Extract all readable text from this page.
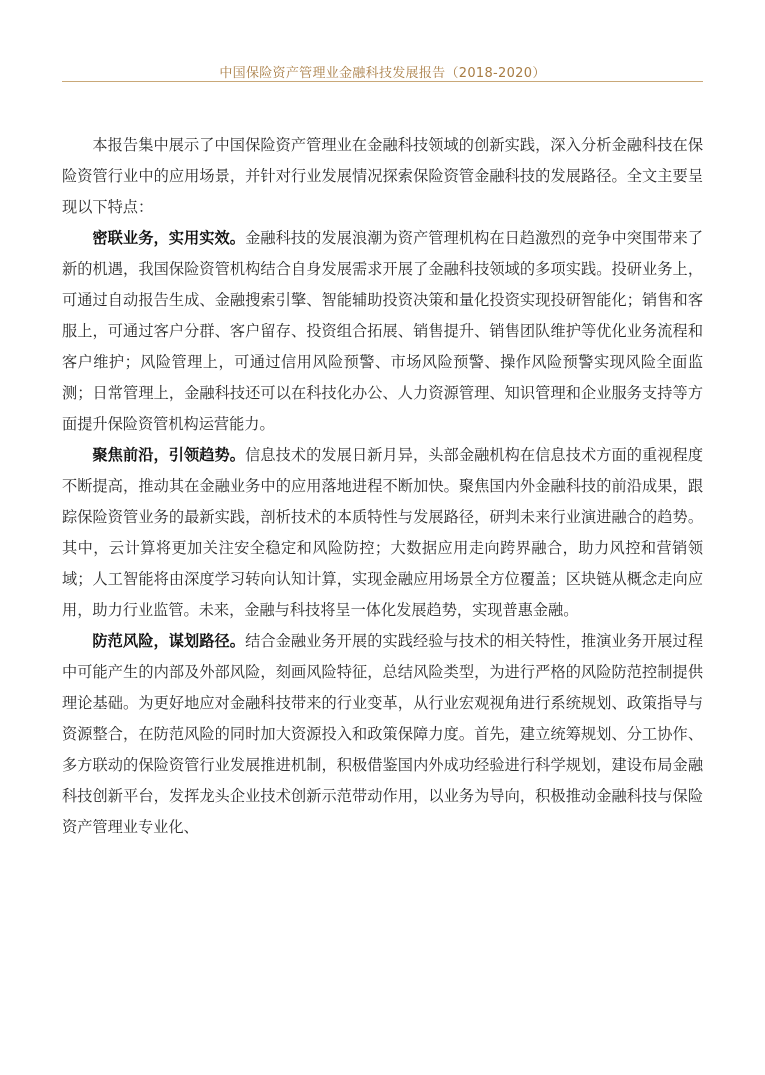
中国保险资产管理业金融科技发展报告（2018-2020）

本报告集中展示了中国保险资产管理业在金融科技领域的创新实践，深入分析金融科技在保险资管行业中的应用场景，并针对行业发展情况探索保险资管金融科技的发展路径。全文主要呈现以下特点：

密联业务，实用实效。金融科技的发展浪潮为资产管理机构在日趋激烈的竞争中突围带来了新的机遇，我国保险资管机构结合自身发展需求开展了金融科技领域的多项实践。投研业务上，可通过自动报告生成、金融搜索引擎、智能辅助投资决策和量化投资实现投研智能化；销售和客服上，可通过客户分群、客户留存、投资组合拓展、销售提升、销售团队维护等优化业务流程和客户维护；风险管理上，可通过信用风险预警、市场风险预警、操作风险预警实现风险全面监测；日常管理上，金融科技还可以在科技化办公、人力资源管理、知识管理和企业服务支持等方面提升保险资管机构运营能力。

聚焦前沿，引领趋势。信息技术的发展日新月异，头部金融机构在信息技术方面的重视程度不断提高，推动其在金融业务中的应用落地进程不断加快。聚焦国内外金融科技的前沿成果，跟踪保险资管业务的最新实践，剖析技术的本质特性与发展路径，研判未来行业演进融合的趋势。其中，云计算将更加关注安全稳定和风险防控；大数据应用走向跨界融合，助力风控和营销领域；人工智能将由深度学习转向认知计算，实现金融应用场景全方位覆盖；区块链从概念走向应用，助力行业监管。未来，金融与科技将呈一体化发展趋势，实现普惠金融。

防范风险，谋划路径。结合金融业务开展的实践经验与技术的相关特性，推演业务开展过程中可能产生的内部及外部风险，刻画风险特征，总结风险类型，为进行严格的风险防范控制提供理论基础。为更好地应对金融科技带来的行业变革，从行业宏观视角进行系统规划、政策指导与资源整合，在防范风险的同时加大资源投入和政策保障力度。首先，建立统筹规划、分工协作、多方联动的保险资管行业发展推进机制，积极借鉴国内外成功经验进行科学规划，建设布局金融科技创新平台，发挥龙头企业技术创新示范带动作用，以业务为导向，积极推动金融科技与保险资产管理业专业化、
